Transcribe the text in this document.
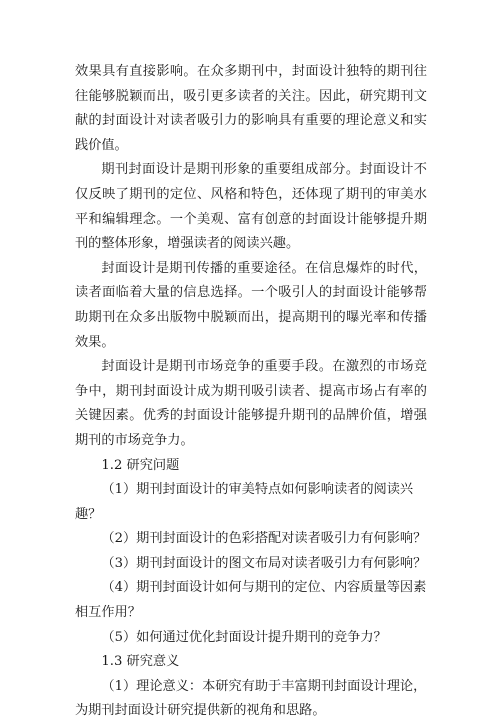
效果具有直接影响。在众多期刊中，封面设计独特的期刊往往能够脱颖而出，吸引更多读者的关注。因此，研究期刊文献的封面设计对读者吸引力的影响具有重要的理论意义和实践价值。

期刊封面设计是期刊形象的重要组成部分。封面设计不仅反映了期刊的定位、风格和特色，还体现了期刊的审美水平和编辑理念。一个美观、富有创意的封面设计能够提升期刊的整体形象，增强读者的阅读兴趣。

封面设计是期刊传播的重要途径。在信息爆炸的时代，读者面临着大量的信息选择。一个吸引人的封面设计能够帮助期刊在众多出版物中脱颖而出，提高期刊的曝光率和传播效果。

封面设计是期刊市场竞争的重要手段。在激烈的市场竞争中，期刊封面设计成为期刊吸引读者、提高市场占有率的关键因素。优秀的封面设计能够提升期刊的品牌价值，增强期刊的市场竞争力。

1.2 研究问题

（1）期刊封面设计的审美特点如何影响读者的阅读兴趣？

（2）期刊封面设计的色彩搭配对读者吸引力有何影响？

（3）期刊封面设计的图文布局对读者吸引力有何影响？

（4）期刊封面设计如何与期刊的定位、内容质量等因素相互作用？

（5）如何通过优化封面设计提升期刊的竞争力？

1.3 研究意义

（1）理论意义：本研究有助于丰富期刊封面设计理论，为期刊封面设计研究提供新的视角和思路。
